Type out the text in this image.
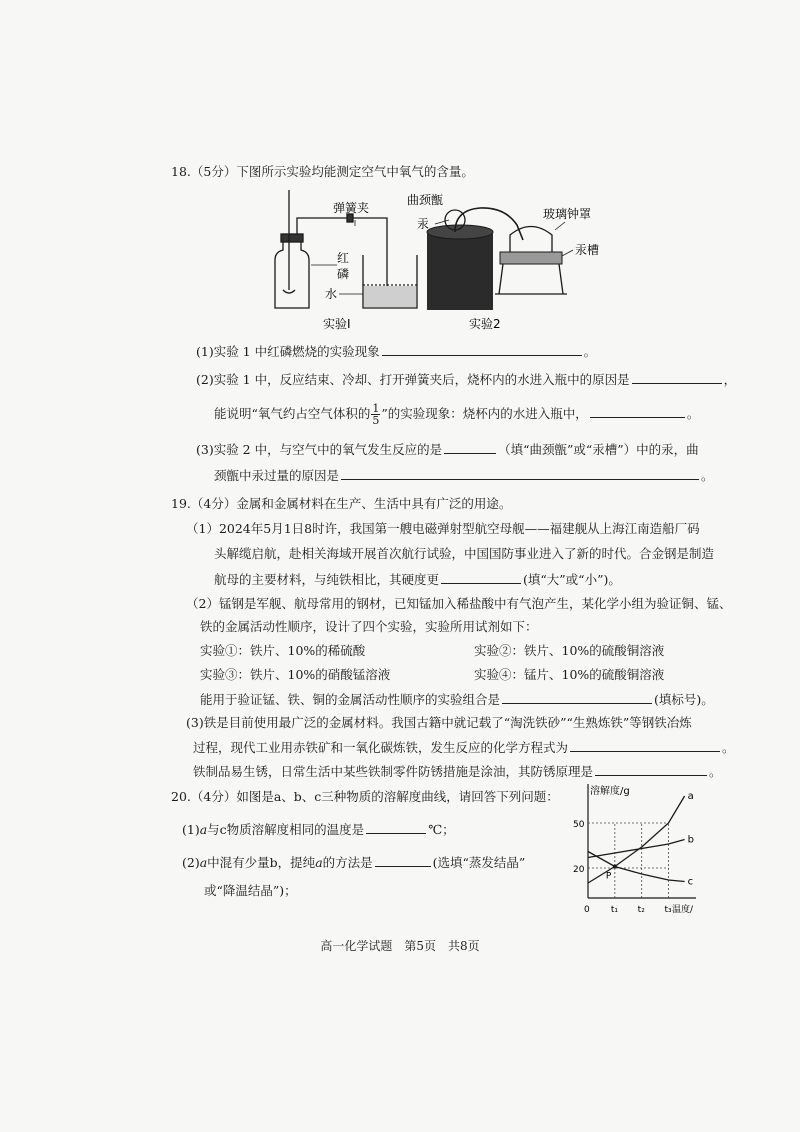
18.（5分）下图所示实验均能测定空气中氧气的含量。
弹簧夹
红
磷
水
实验I
曲颈甑
汞
玻璃钟罩
汞槽
实验2
(1)实验 1 中红磷燃烧的实验现象	。
(2)实验 1 中，反应结束、冷却、打开弹簧夹后，烧杯内的水进入瓶中的原因是	，
能说明“氧气约占空气体积的 $\frac{1}{5}$ ”的实验现象：烧杯内的水进入瓶中，	。
(3)实验 2 中，与空气中的氧气发生反应的是	（填“曲颈甑”或“汞槽”）中的汞，曲
颈甑中汞过量的原因是	。
19.（4分）金属和金属材料在生产、生活中具有广泛的用途。
（1）2024年5月1日8时许，我国第一艘电磁弹射型航空母舰——福建舰从上海江南造船厂码
头解缆启航，赴相关海域开展首次航行试验，中国国防事业进入了新的时代。合金钢是制造
航母的主要材料，与纯铁相比，其硬度更	(填“大”或“小”)。
（2）锰钢是军舰、航母常用的钢材，已知锰加入稀盐酸中有气泡产生，某化学小组为验证铜、锰、
铁的金属活动性顺序，设计了四个实验，实验所用试剂如下：
实验①：铁片、10%的稀硫酸	实验②：铁片、10%的硫酸铜溶液
实验③：铁片、10%的硝酸锰溶液	实验④：锰片、10%的硫酸铜溶液
能用于验证锰、铁、铜的金属活动性顺序的实验组合是	(填标号)。
(3)铁是目前使用最广泛的金属材料。我国古籍中就记载了“淘洗铁砂”“生熟炼铁”等钢铁冶炼
过程，现代工业用赤铁矿和一氧化碳炼铁，发生反应的化学方程式为	。
铁制品易生锈，日常生活中某些铁制零件防锈措施是涂油，其防锈原理是	。
20.（4分）如图是a、b、c三种物质的溶解度曲线，请回答下列问题：
(1)a与c物质溶解度相同的温度是	℃；
(2)a中混有少量b，提纯a的方法是	(选填“蒸发结晶”
或“降温结晶”)；
溶解度/g
温度/
50
20
0 t₁ t₂ t₃
a
b
c
P
高一化学试题　第5页　共8页
